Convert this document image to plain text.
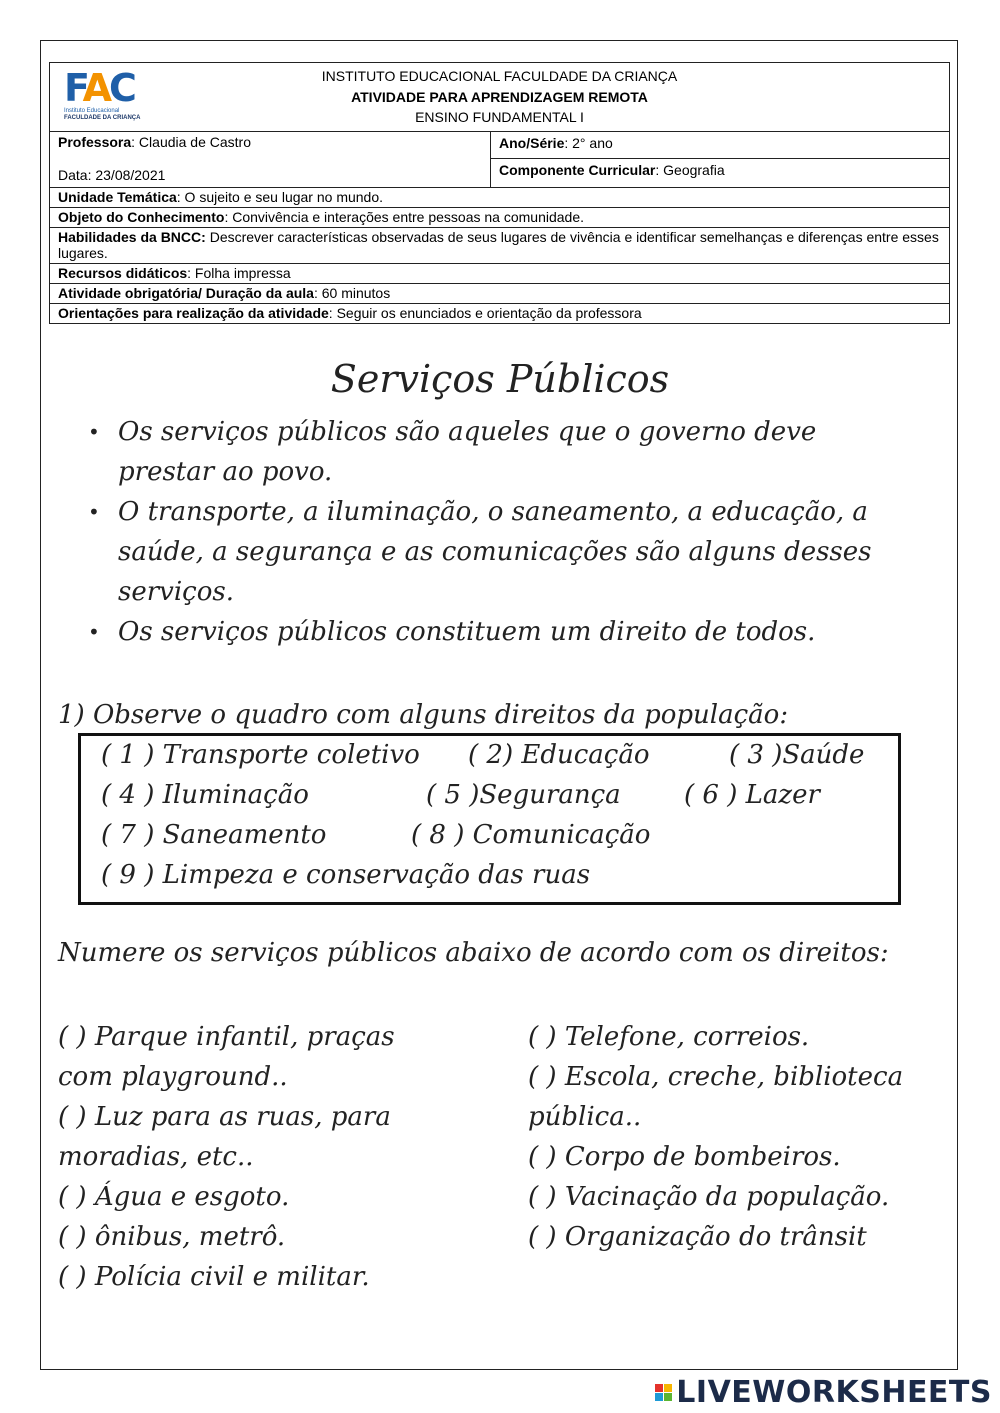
FAC
Instituto Educacional
FACULDADE DA CRIANÇA
INSTITUTO EDUCACIONAL FACULDADE DA CRIANÇA
ATIVIDADE PARA APRENDIZAGEM REMOTA
ENSINO FUNDAMENTAL I
Professora: Claudia de Castro
Data: 23/08/2021
Ano/Série: 2° ano
Componente Curricular: Geografia
Unidade Temática: O sujeito e seu lugar no mundo.
Objeto do Conhecimento: Convivência e interações entre pessoas na comunidade.
Habilidades da BNCC: Descrever características observadas de seus lugares de vivência e identificar semelhanças e diferenças entre esses lugares.
Recursos didáticos: Folha impressa
Atividade obrigatória/ Duração da aula: 60 minutos
Orientações para realização da atividade: Seguir os enunciados e orientação da professora
Serviços Públicos
• Os serviços públicos são aqueles que o governo deve prestar ao povo.
• O transporte, a iluminação, o saneamento, a educação, a saúde, a segurança e as comunicações são alguns desses serviços.
• Os serviços públicos constituem um direito de todos.
1) Observe o quadro com alguns direitos da população:
( 1 ) Transporte coletivo ( 2) Educação	( 3 )Saúde
( 4 ) Iluminação	( 5 )Segurança ( 6 ) Lazer
( 7 ) Saneamento	( 8 ) Comunicação
( 9 ) Limpeza e conservação das ruas
Numere os serviços públicos abaixo de acordo com os direitos:
( ) Parque infantil, praças
com playground..
( ) Luz para as ruas, para
moradias, etc..
( ) Água e esgoto.
( ) ônibus, metrô.
( ) Polícia civil e militar.
( ) Telefone, correios.
( ) Escola, creche, biblioteca
pública..
( ) Corpo de bombeiros.
( ) Vacinação da população.
( ) Organização do trânsit
LIVEWORKSHEETS
